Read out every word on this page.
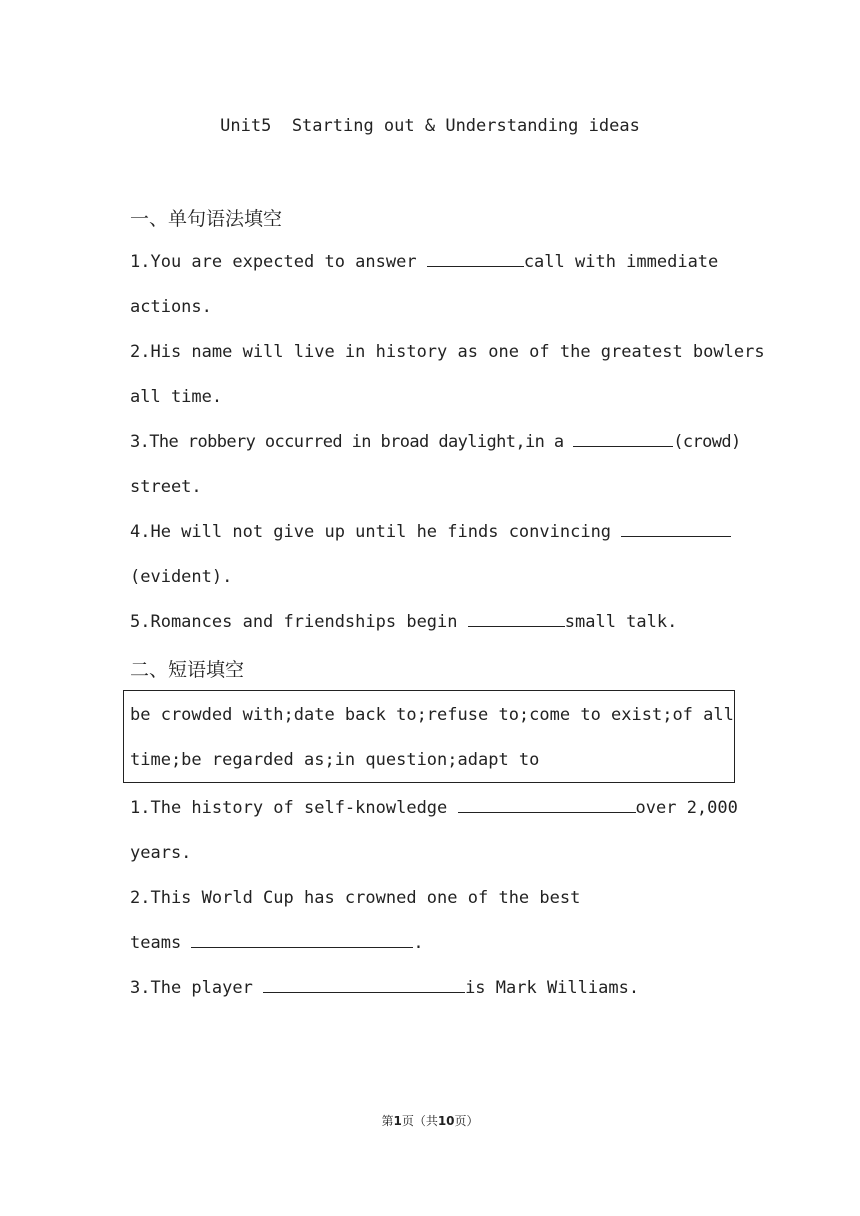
Unit5  Starting out & Understanding ideas
一、单句语法填空
1.You are expected to answer	call with immediate
actions.
2.His name will live in history as one of the greatest bowlers
all time.
3.The robbery occurred in broad daylight,in a	(crowd)
street.
4.He will not give up until he finds convincing
(evident).
5.Romances and friendships begin	small talk.
二、短语填空
be crowded with;date back to;refuse to;come to exist;of all
time;be regarded as;in question;adapt to
1.The history of self-knowledge	over 2,000
years.
2.This World Cup has crowned one of the best
teams	.
3.The player	is Mark Williams.
第1页（共10页）
